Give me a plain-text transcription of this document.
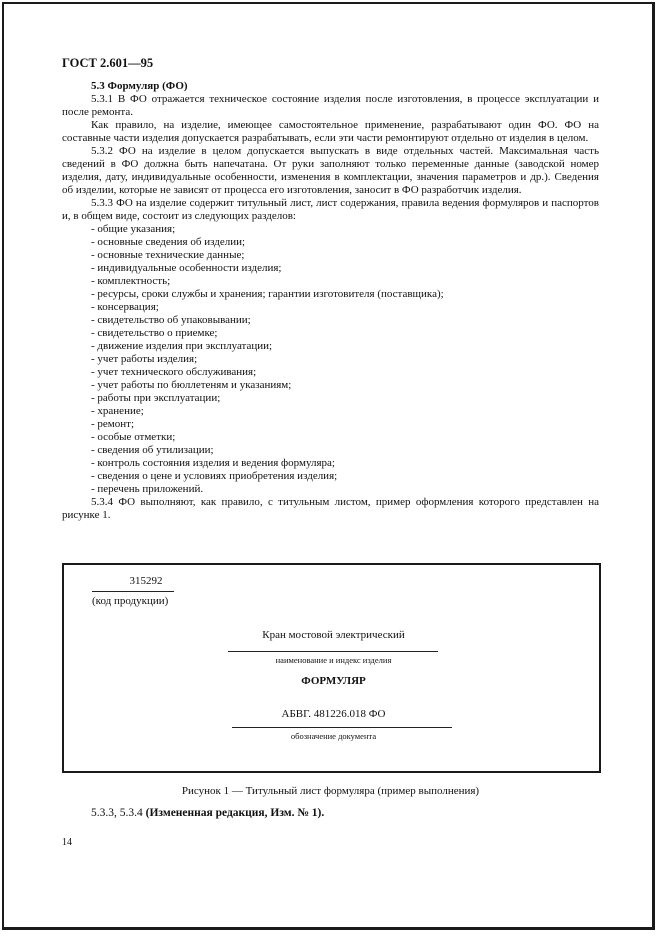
ГОСТ 2.601—95

5.3 Формуляр (ФО)

5.3.1 В ФО отражается техническое состояние изделия после изготовления, в процессе эксплуатации и после ремонта.

Как правило, на изделие, имеющее самостоятельное применение, разрабатывают один ФО. ФО на составные части изделия допускается разрабатывать, если эти части ремонтируют отдельно от изделия в целом.

5.3.2 ФО на изделие в целом допускается выпускать в виде отдельных частей. Максимальная часть сведений в ФО должна быть напечатана. От руки заполняют только переменные данные (заводской номер изделия, дату, индивидуальные особенности, изменения в комплектации, значения параметров и др.). Сведения об изделии, которые не зависят от процесса его изготовления, заносит в ФО разработчик изделия.

5.3.3 ФО на изделие содержит титульный лист, лист содержания, правила ведения формуляров и паспортов и, в общем виде, состоит из следующих разделов:

- общие указания;
- основные сведения об изделии;
- основные технические данные;
- индивидуальные особенности изделия;
- комплектность;
- ресурсы, сроки службы и хранения; гарантии изготовителя (поставщика);
- консервация;
- свидетельство об упаковывании;
- свидетельство о приемке;
- движение изделия при эксплуатации;
- учет работы изделия;
- учет технического обслуживания;
- учет работы по бюллетеням и указаниям;
- работы при эксплуатации;
- хранение;
- ремонт;
- особые отметки;
- сведения об утилизации;
- контроль состояния изделия и ведения формуляра;
- сведения о цене и условиях приобретения изделия;
- перечень приложений.

5.3.4 ФО выполняют, как правило, с титульным листом, пример оформления которого представлен на рисунке 1.

315292
(код продукции)
Кран мостовой электрический
наименование и индекс изделия
ФОРМУЛЯР
АБВГ. 481226.018 ФО
обозначение документа
Рисунок 1 — Титульный лист формуляра (пример выполнения)
5.3.3, 5.3.4 (Измененная редакция, Изм. № 1).
14
